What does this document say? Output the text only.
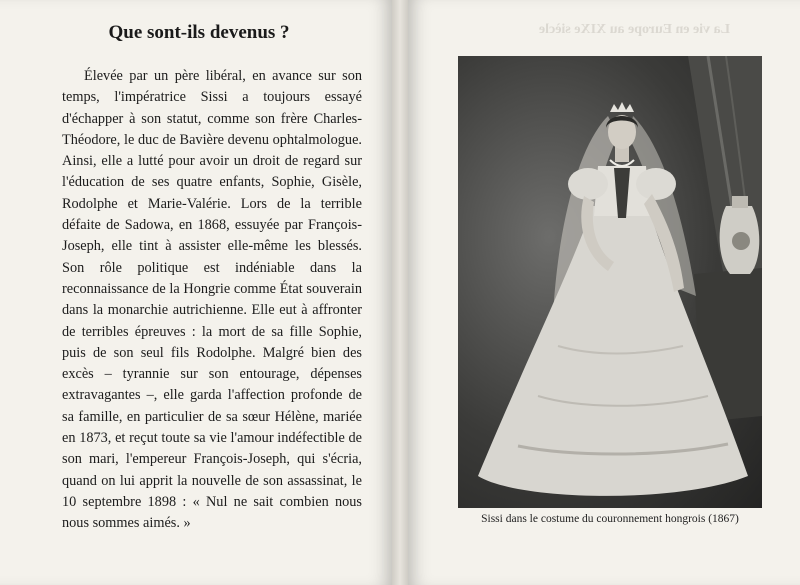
Que sont-ils devenus ?

Élevée par un père libéral, en avance sur son temps, l'impératrice Sissi a toujours essayé d'échapper à son statut, comme son frère Charles-Théodore, le duc de Bavière devenu ophtalmologue. Ainsi, elle a lutté pour avoir un droit de regard sur l'éducation de ses quatre enfants, Sophie, Gisèle, Rodolphe et Marie-Valérie. Lors de la terrible défaite de Sadowa, en 1868, essuyée par François-Joseph, elle tint à assister elle-même les blessés. Son rôle politique est indéniable dans la reconnaissance de la Hongrie comme État souverain dans la monarchie autrichienne. Elle eut à affronter de terribles épreuves : la mort de sa fille Sophie, puis de son seul fils Rodolphe. Malgré bien des excès – tyrannie sur son entourage, dépenses extravagantes –, elle garda l'affection profonde de sa famille, en particulier de sa sœur Hélène, mariée en 1873, et reçut toute sa vie l'amour indéfectible de son mari, l'empereur François-Joseph, qui s'écria, quand on lui apprit la nouvelle de son assassinat, le 10 septembre 1898 : « Nul ne sait combien nous nous sommes aimés. »

La vie en Europe au XIXe siècle
Sissi dans le costume du couronnement hongrois (1867)
